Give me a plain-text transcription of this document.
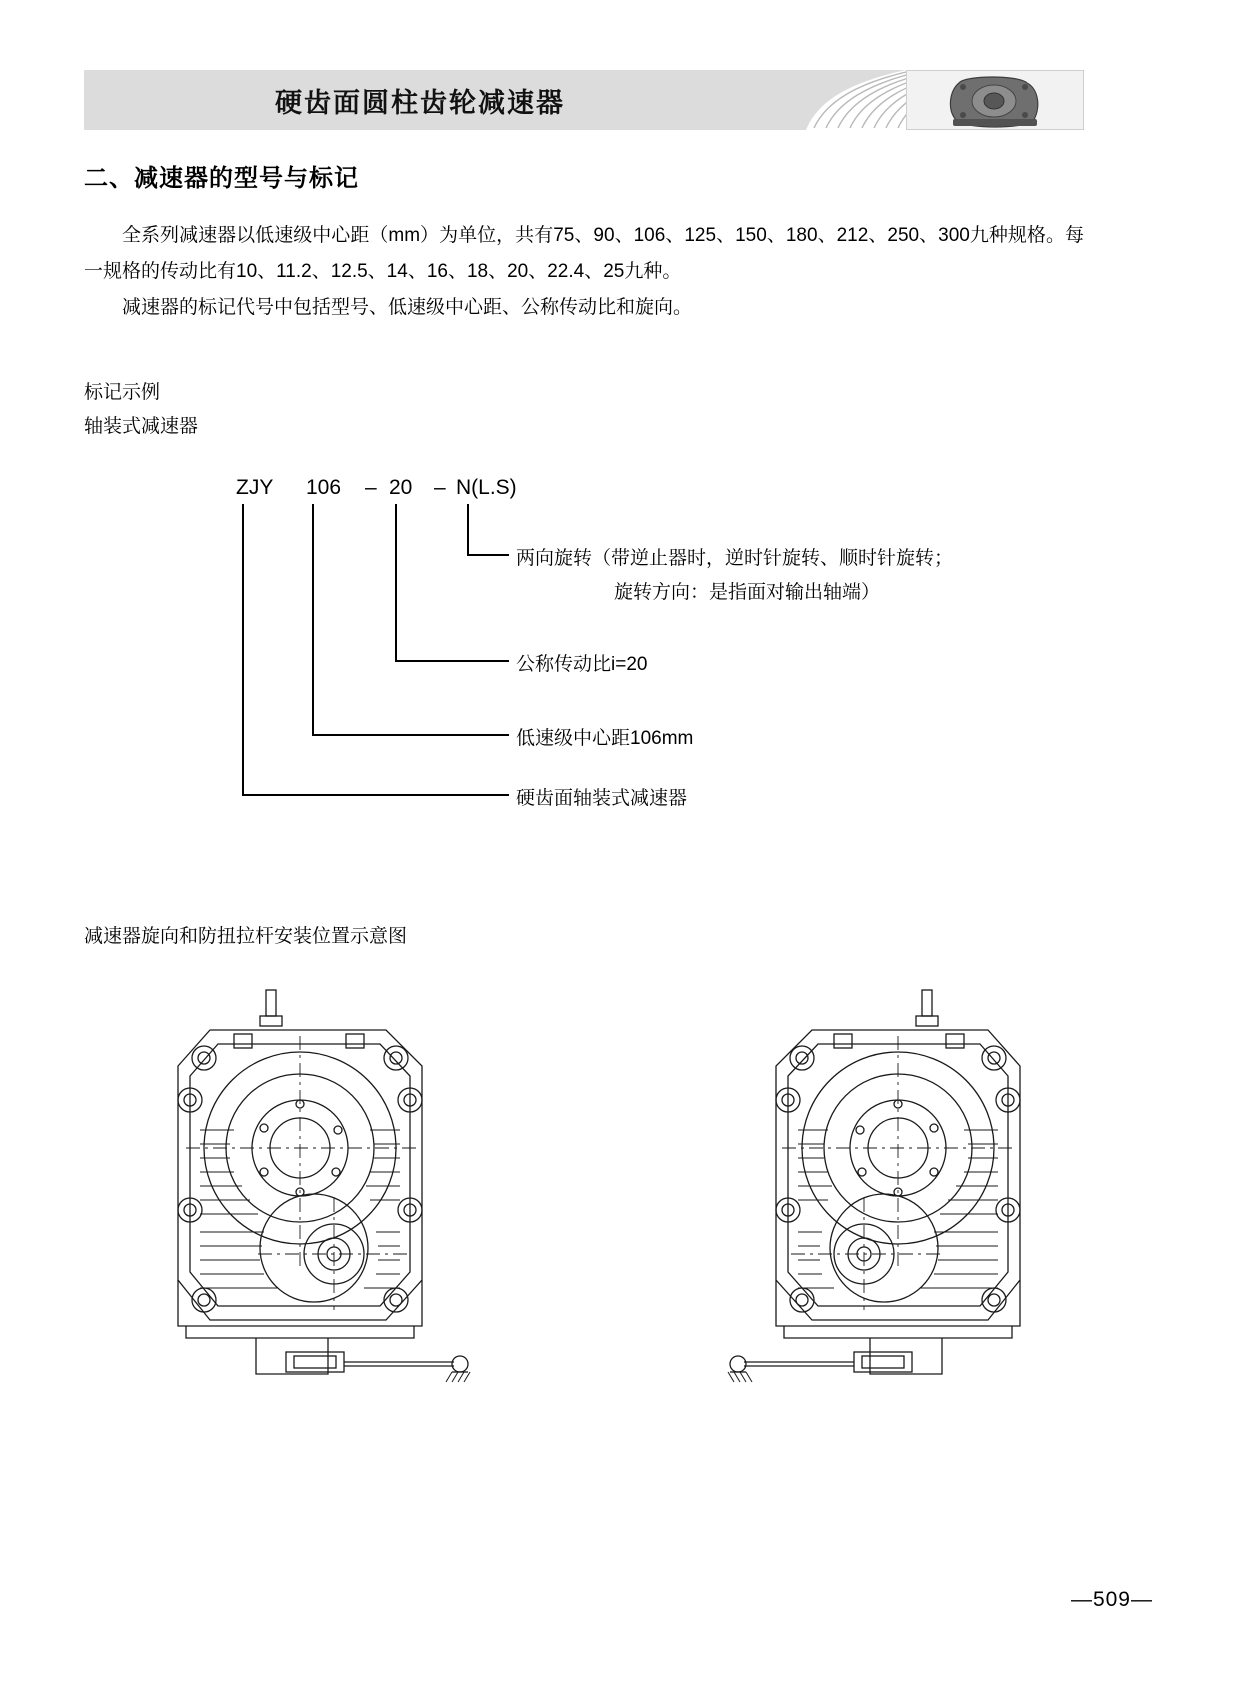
硬齿面圆柱齿轮减速器
二、减速器的型号与标记
全系列减速器以低速级中心距（mm）为单位，共有75、90、106、125、150、180、212、250、300九种规格。每一规格的传动比有10、11.2、12.5、14、16、18、20、22.4、25九种。
减速器的标记代号中包括型号、低速级中心距、公称传动比和旋向。
标记示例
轴装式减速器
ZJY 106 – 20 – N(L.S)
两向旋转（带逆止器时，逆时针旋转、顺时针旋转；
旋转方向：是指面对输出轴端）
公称传动比i=20
低速级中心距106mm
硬齿面轴装式减速器
减速器旋向和防扭拉杆安装位置示意图
—509—
